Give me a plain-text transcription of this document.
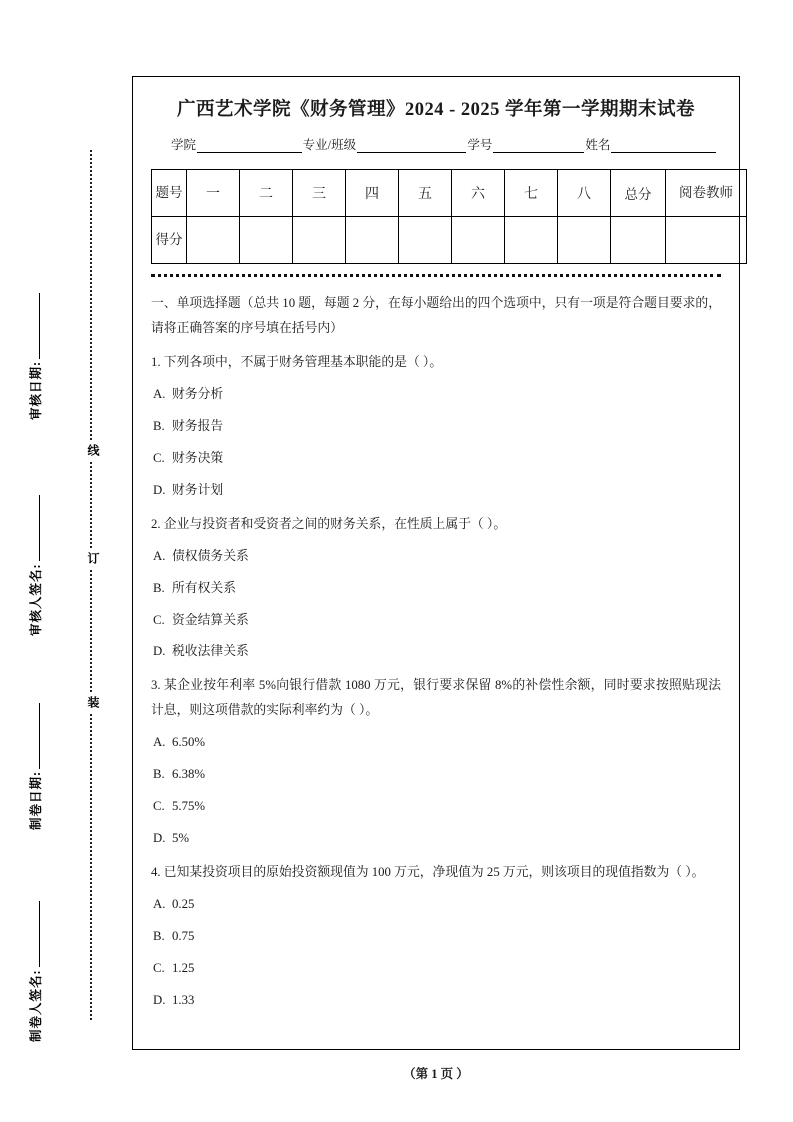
审核日期:
审核人签名:
制卷日期:
制卷人签名:
线
订
装
广西艺术学院《财务管理》2024 - 2025 学年第一学期期末试卷
学院	专业/班级	学号	姓名
题号	一	二	三	四	五	六	七	八	总分	阅卷教师
得分										
一、单项选择题（总共 10 题，每题 2 分，在每小题给出的四个选项中，只有一项是符合题目要求的，请将正确答案的序号填在括号内）
1. 下列各项中，不属于财务管理基本职能的是（ ）。
A. 财务分析
B. 财务报告
C. 财务决策
D. 财务计划
2. 企业与投资者和受资者之间的财务关系，在性质上属于（ ）。
A. 债权债务关系
B. 所有权关系
C. 资金结算关系
D. 税收法律关系
3. 某企业按年利率 5%向银行借款 1080 万元，银行要求保留 8%的补偿性余额，同时要求按照贴现法计息，则这项借款的实际利率约为（ ）。
A. 6.50%
B. 6.38%
C. 5.75%
D. 5%
4. 已知某投资项目的原始投资额现值为 100 万元，净现值为 25 万元，则该项目的现值指数为（ ）。
A. 0.25
B. 0.75
C. 1.25
D. 1.33
（第 1 页 ）
